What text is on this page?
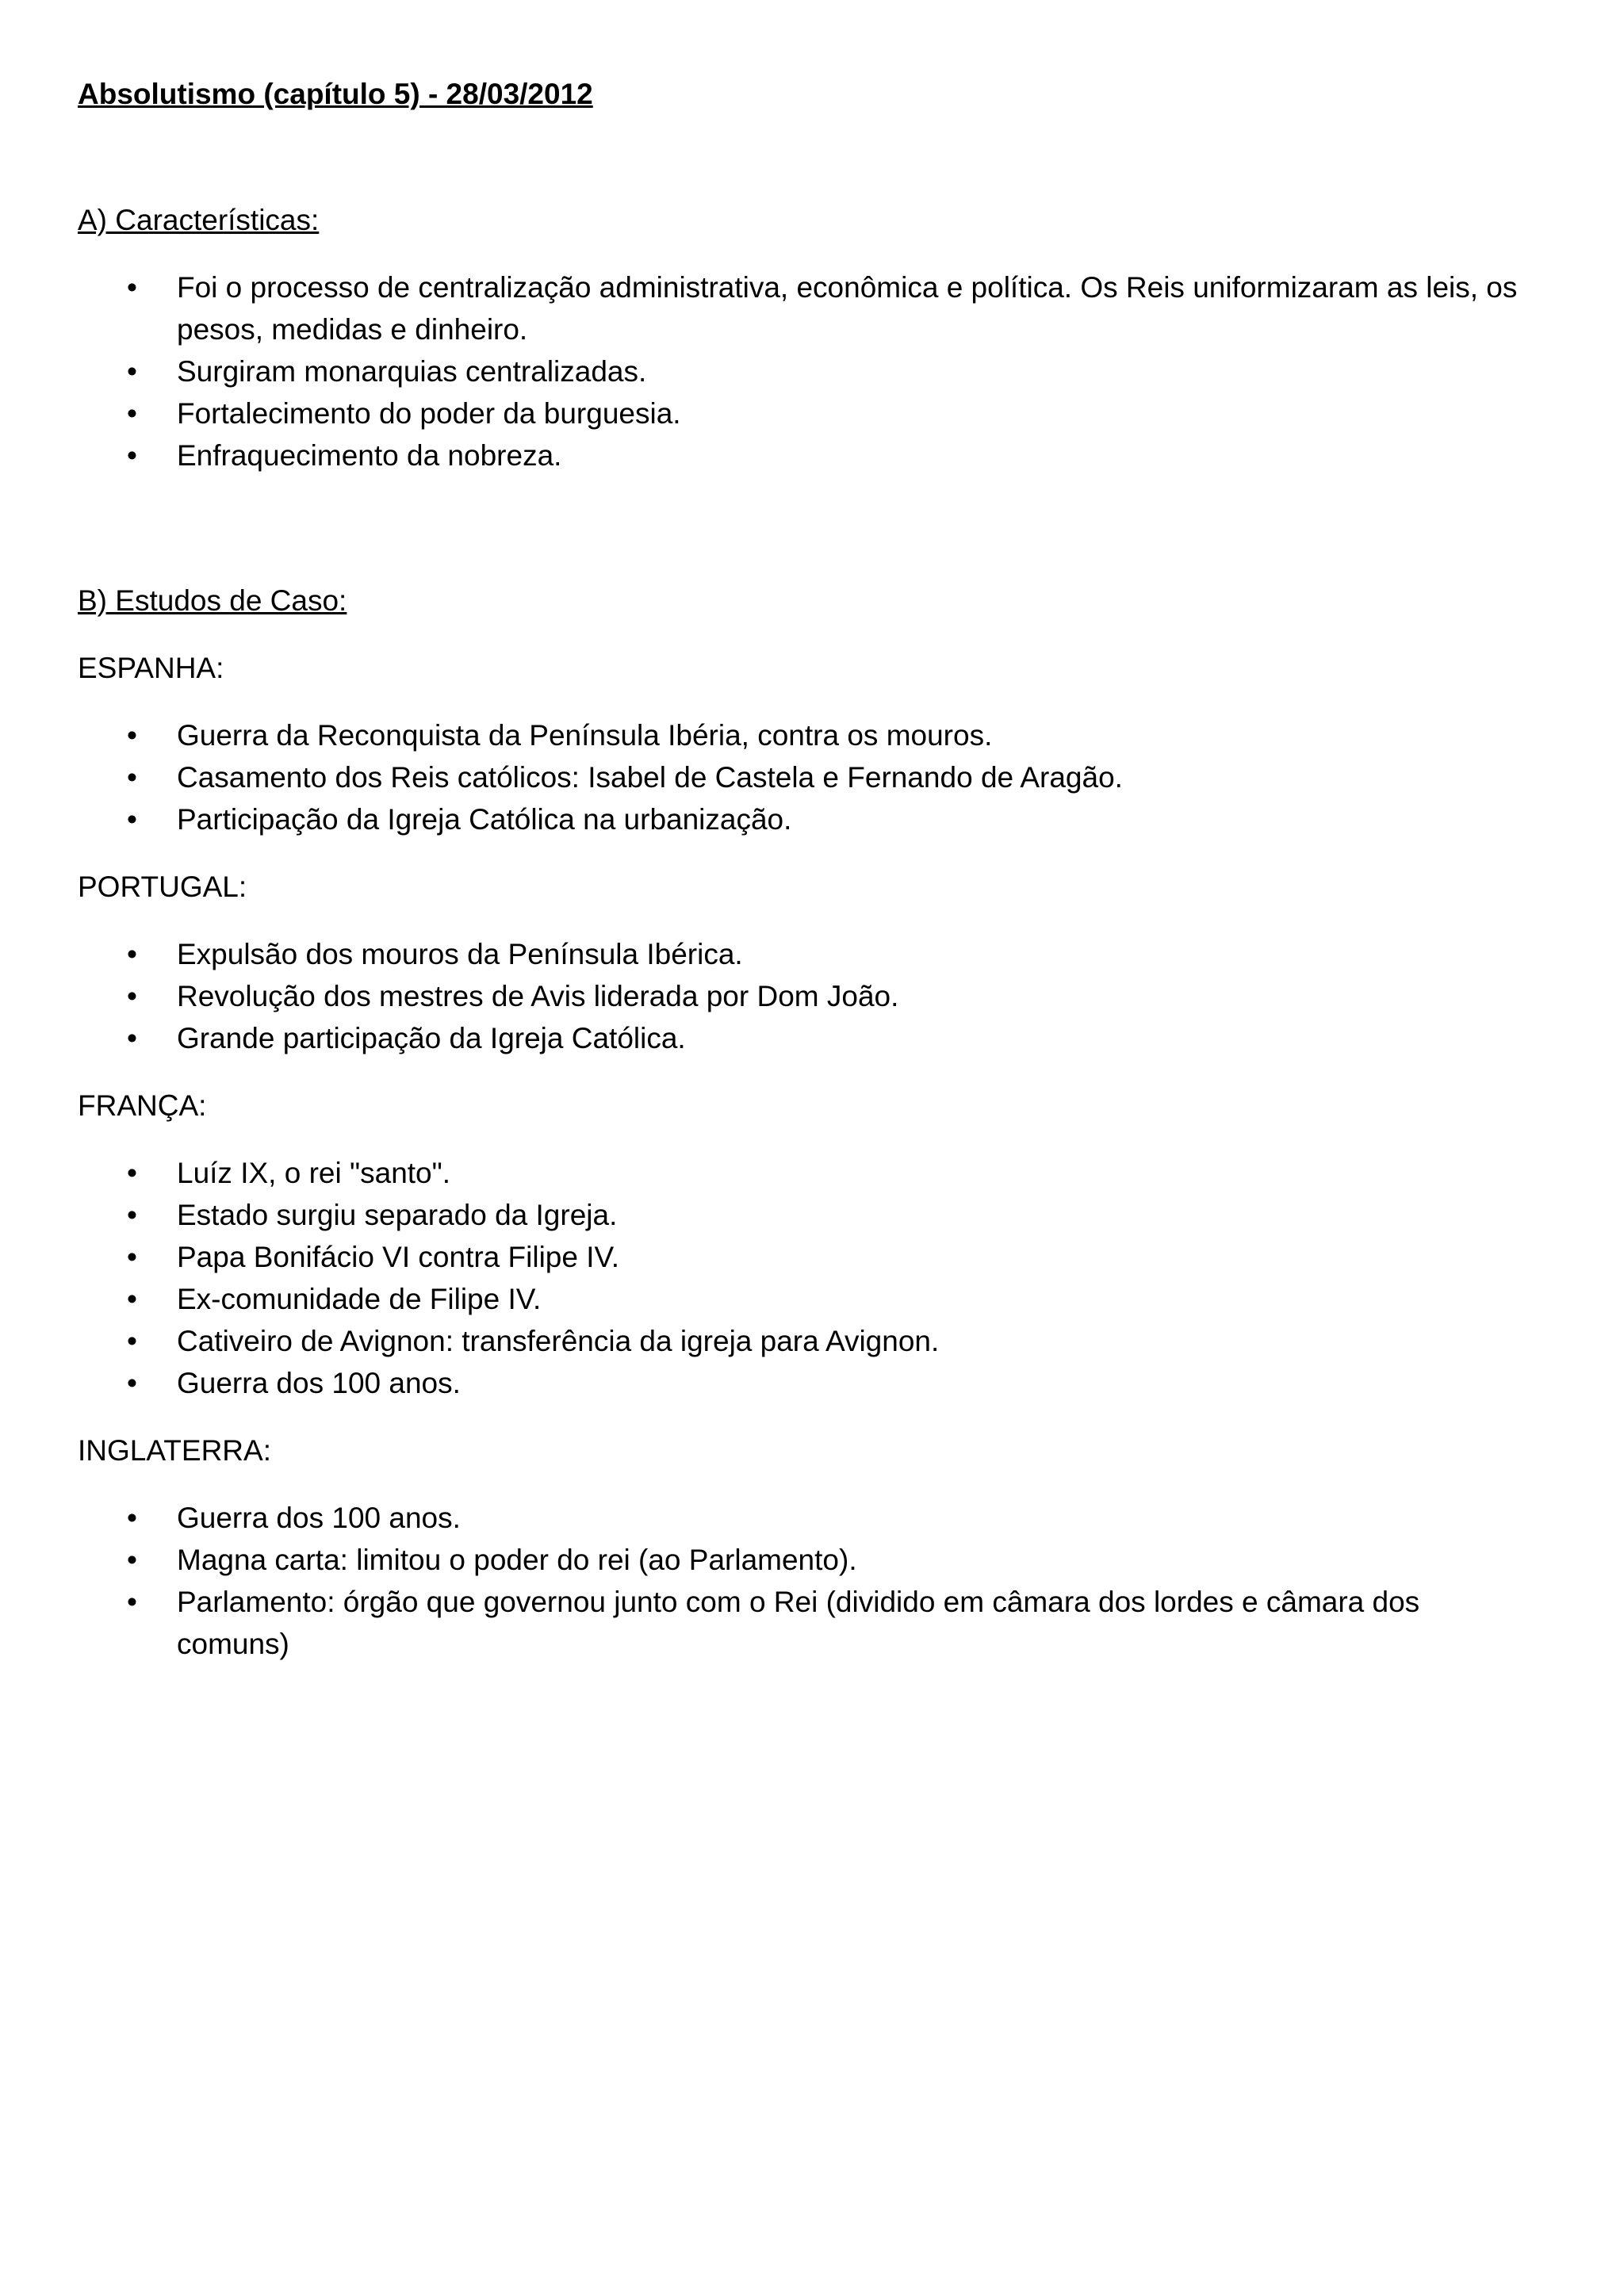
Absolutismo (capítulo 5) - 28/03/2012

A) Características:

• Foi o processo de centralização administrativa, econômica e política. Os Reis uniformizaram as leis, os pesos, medidas e dinheiro.
• Surgiram monarquias centralizadas.
• Fortalecimento do poder da burguesia.
• Enfraquecimento da nobreza.

B) Estudos de Caso:

ESPANHA:

• Guerra da Reconquista da Península Ibéria, contra os mouros.
• Casamento dos Reis católicos: Isabel de Castela e Fernando de Aragão.
• Participação da Igreja Católica na urbanização.

PORTUGAL:

• Expulsão dos mouros da Península Ibérica.
• Revolução dos mestres de Avis liderada por Dom João.
• Grande participação da Igreja Católica.

FRANÇA:

• Luíz IX, o rei "santo".
• Estado surgiu separado da Igreja.
• Papa Bonifácio VI contra Filipe IV.
• Ex-comunidade de Filipe IV.
• Cativeiro de Avignon: transferência da igreja para Avignon.
• Guerra dos 100 anos.

INGLATERRA:

• Guerra dos 100 anos.
• Magna carta: limitou o poder do rei (ao Parlamento).
• Parlamento: órgão que governou junto com o Rei (dividido em câmara dos lordes e câmara dos comuns)
